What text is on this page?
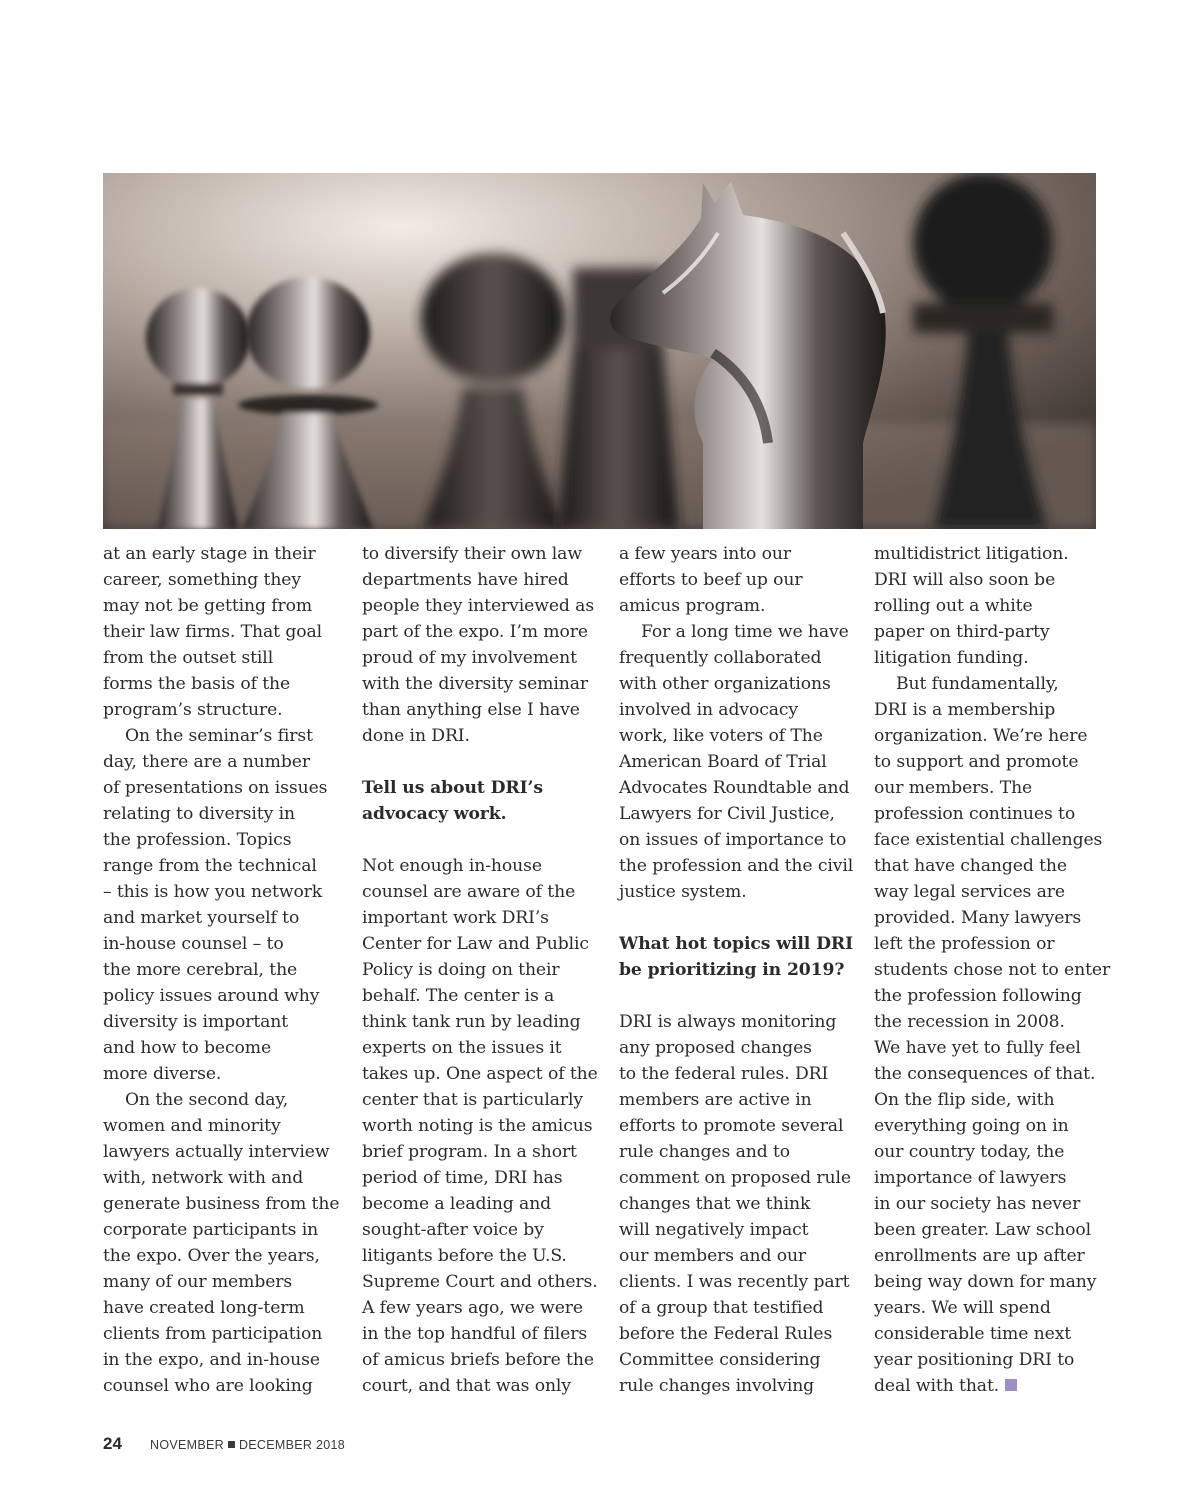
at an early stage in their
career, something they
may not be getting from
their law firms. That goal
from the outset still
forms the basis of the
program’s structure.
On the seminar’s first
day, there are a number
of presentations on issues
relating to diversity in
the profession. Topics
range from the technical
– this is how you network
and market yourself to
in-house counsel – to
the more cerebral, the
policy issues around why
diversity is important
and how to become
more diverse.
On the second day,
women and minority
lawyers actually interview
with, network with and
generate business from the
corporate participants in
the expo. Over the years,
many of our members
have created long-term
clients from participation
in the expo, and in-house
counsel who are looking
to diversify their own law
departments have hired
people they interviewed as
part of the expo. I’m more
proud of my involvement
with the diversity seminar
than anything else I have
done in DRI.
Tell us about DRI’s
advocacy work.
Not enough in-house
counsel are aware of the
important work DRI’s
Center for Law and Public
Policy is doing on their
behalf. The center is a
think tank run by leading
experts on the issues it
takes up. One aspect of the
center that is particularly
worth noting is the amicus
brief program. In a short
period of time, DRI has
become a leading and
sought-after voice by
litigants before the U.S.
Supreme Court and others.
A few years ago, we were
in the top handful of filers
of amicus briefs before the
court, and that was only
a few years into our
efforts to beef up our
amicus program.
For a long time we have
frequently collaborated
with other organizations
involved in advocacy
work, like voters of The
American Board of Trial
Advocates Roundtable and
Lawyers for Civil Justice,
on issues of importance to
the profession and the civil
justice system.
What hot topics will DRI
be prioritizing in 2019?
DRI is always monitoring
any proposed changes
to the federal rules. DRI
members are active in
efforts to promote several
rule changes and to
comment on proposed rule
changes that we think
will negatively impact
our members and our
clients. I was recently part
of a group that testified
before the Federal Rules
Committee considering
rule changes involving
multidistrict litigation.
DRI will also soon be
rolling out a white
paper on third-party
litigation funding.
But fundamentally,
DRI is a membership
organization. We’re here
to support and promote
our members. The
profession continues to
face existential challenges
that have changed the
way legal services are
provided. Many lawyers
left the profession or
students chose not to enter
the profession following
the recession in 2008.
We have yet to fully feel
the consequences of that.
On the flip side, with
everything going on in
our country today, the
importance of lawyers
in our society has never
been greater. Law school
enrollments are up after
being way down for many
years. We will spend
considerable time next
year positioning DRI to
deal with that.
24 NOVEMBER DECEMBER 2018
